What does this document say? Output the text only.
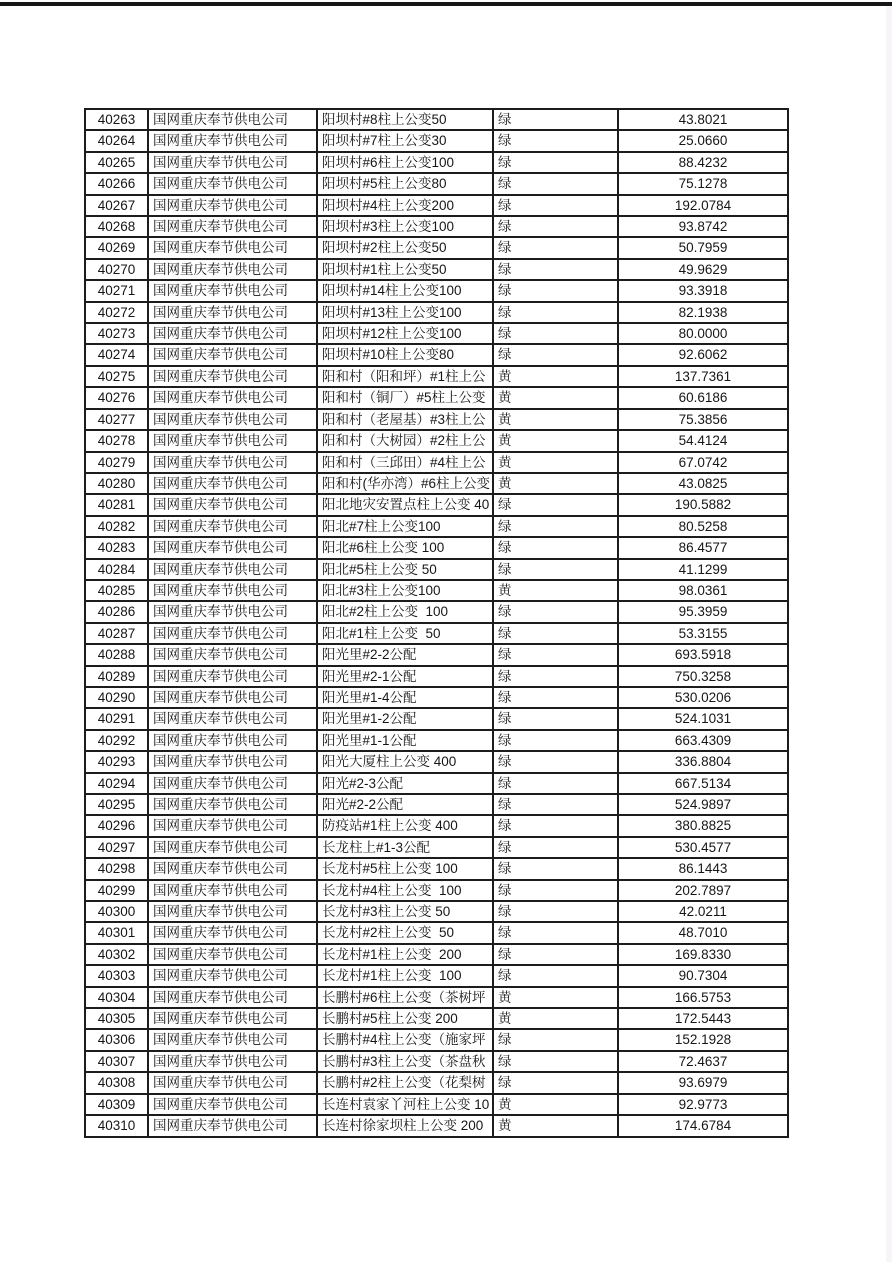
40263	国网重庆奉节供电公司	阳坝村#8柱上公变50	绿	43.8021
40264	国网重庆奉节供电公司	阳坝村#7柱上公变30	绿	25.0660
40265	国网重庆奉节供电公司	阳坝村#6柱上公变100	绿	88.4232
40266	国网重庆奉节供电公司	阳坝村#5柱上公变80	绿	75.1278
40267	国网重庆奉节供电公司	阳坝村#4柱上公变200	绿	192.0784
40268	国网重庆奉节供电公司	阳坝村#3柱上公变100	绿	93.8742
40269	国网重庆奉节供电公司	阳坝村#2柱上公变50	绿	50.7959
40270	国网重庆奉节供电公司	阳坝村#1柱上公变50	绿	49.9629
40271	国网重庆奉节供电公司	阳坝村#14柱上公变100	绿	93.3918
40272	国网重庆奉节供电公司	阳坝村#13柱上公变100	绿	82.1938
40273	国网重庆奉节供电公司	阳坝村#12柱上公变100	绿	80.0000
40274	国网重庆奉节供电公司	阳坝村#10柱上公变80	绿	92.6062
40275	国网重庆奉节供电公司	阳和村（阳和坪）#1柱上公	黄	137.7361
40276	国网重庆奉节供电公司	阳和村（铜厂）#5柱上公变	黄	60.6186
40277	国网重庆奉节供电公司	阳和村（老屋基）#3柱上公	黄	75.3856
40278	国网重庆奉节供电公司	阳和村（大树园）#2柱上公	黄	54.4124
40279	国网重庆奉节供电公司	阳和村（三邱田）#4柱上公	黄	67.0742
40280	国网重庆奉节供电公司	阳和村(华亦湾）#6柱上公变	黄	43.0825
40281	国网重庆奉节供电公司	阳北地灾安置点柱上公变 40	绿	190.5882
40282	国网重庆奉节供电公司	阳北#7柱上公变100	绿	80.5258
40283	国网重庆奉节供电公司	阳北#6柱上公变 100	绿	86.4577
40284	国网重庆奉节供电公司	阳北#5柱上公变 50	绿	41.1299
40285	国网重庆奉节供电公司	阳北#3柱上公变100	黄	98.0361
40286	国网重庆奉节供电公司	阳北#2柱上公变  100	绿	95.3959
40287	国网重庆奉节供电公司	阳北#1柱上公变  50	绿	53.3155
40288	国网重庆奉节供电公司	阳光里#2-2公配	绿	693.5918
40289	国网重庆奉节供电公司	阳光里#2-1公配	绿	750.3258
40290	国网重庆奉节供电公司	阳光里#1-4公配	绿	530.0206
40291	国网重庆奉节供电公司	阳光里#1-2公配	绿	524.1031
40292	国网重庆奉节供电公司	阳光里#1-1公配	绿	663.4309
40293	国网重庆奉节供电公司	阳光大厦柱上公变 400	绿	336.8804
40294	国网重庆奉节供电公司	阳光#2-3公配	绿	667.5134
40295	国网重庆奉节供电公司	阳光#2-2公配	绿	524.9897
40296	国网重庆奉节供电公司	防疫站#1柱上公变 400	绿	380.8825
40297	国网重庆奉节供电公司	长龙柱上#1-3公配	绿	530.4577
40298	国网重庆奉节供电公司	长龙村#5柱上公变 100	绿	86.1443
40299	国网重庆奉节供电公司	长龙村#4柱上公变  100	绿	202.7897
40300	国网重庆奉节供电公司	长龙村#3柱上公变 50	绿	42.0211
40301	国网重庆奉节供电公司	长龙村#2柱上公变  50	绿	48.7010
40302	国网重庆奉节供电公司	长龙村#1柱上公变  200	绿	169.8330
40303	国网重庆奉节供电公司	长龙村#1柱上公变  100	绿	90.7304
40304	国网重庆奉节供电公司	长鹏村#6柱上公变（茶树坪	黄	166.5753
40305	国网重庆奉节供电公司	长鹏村#5柱上公变 200	黄	172.5443
40306	国网重庆奉节供电公司	长鹏村#4柱上公变（施家坪	绿	152.1928
40307	国网重庆奉节供电公司	长鹏村#3柱上公变（茶盘秋	绿	72.4637
40308	国网重庆奉节供电公司	长鹏村#2柱上公变（花梨树	绿	93.6979
40309	国网重庆奉节供电公司	长连村袁家丫河柱上公变 10	黄	92.9773
40310	国网重庆奉节供电公司	长连村徐家坝柱上公变 200	黄	174.6784
